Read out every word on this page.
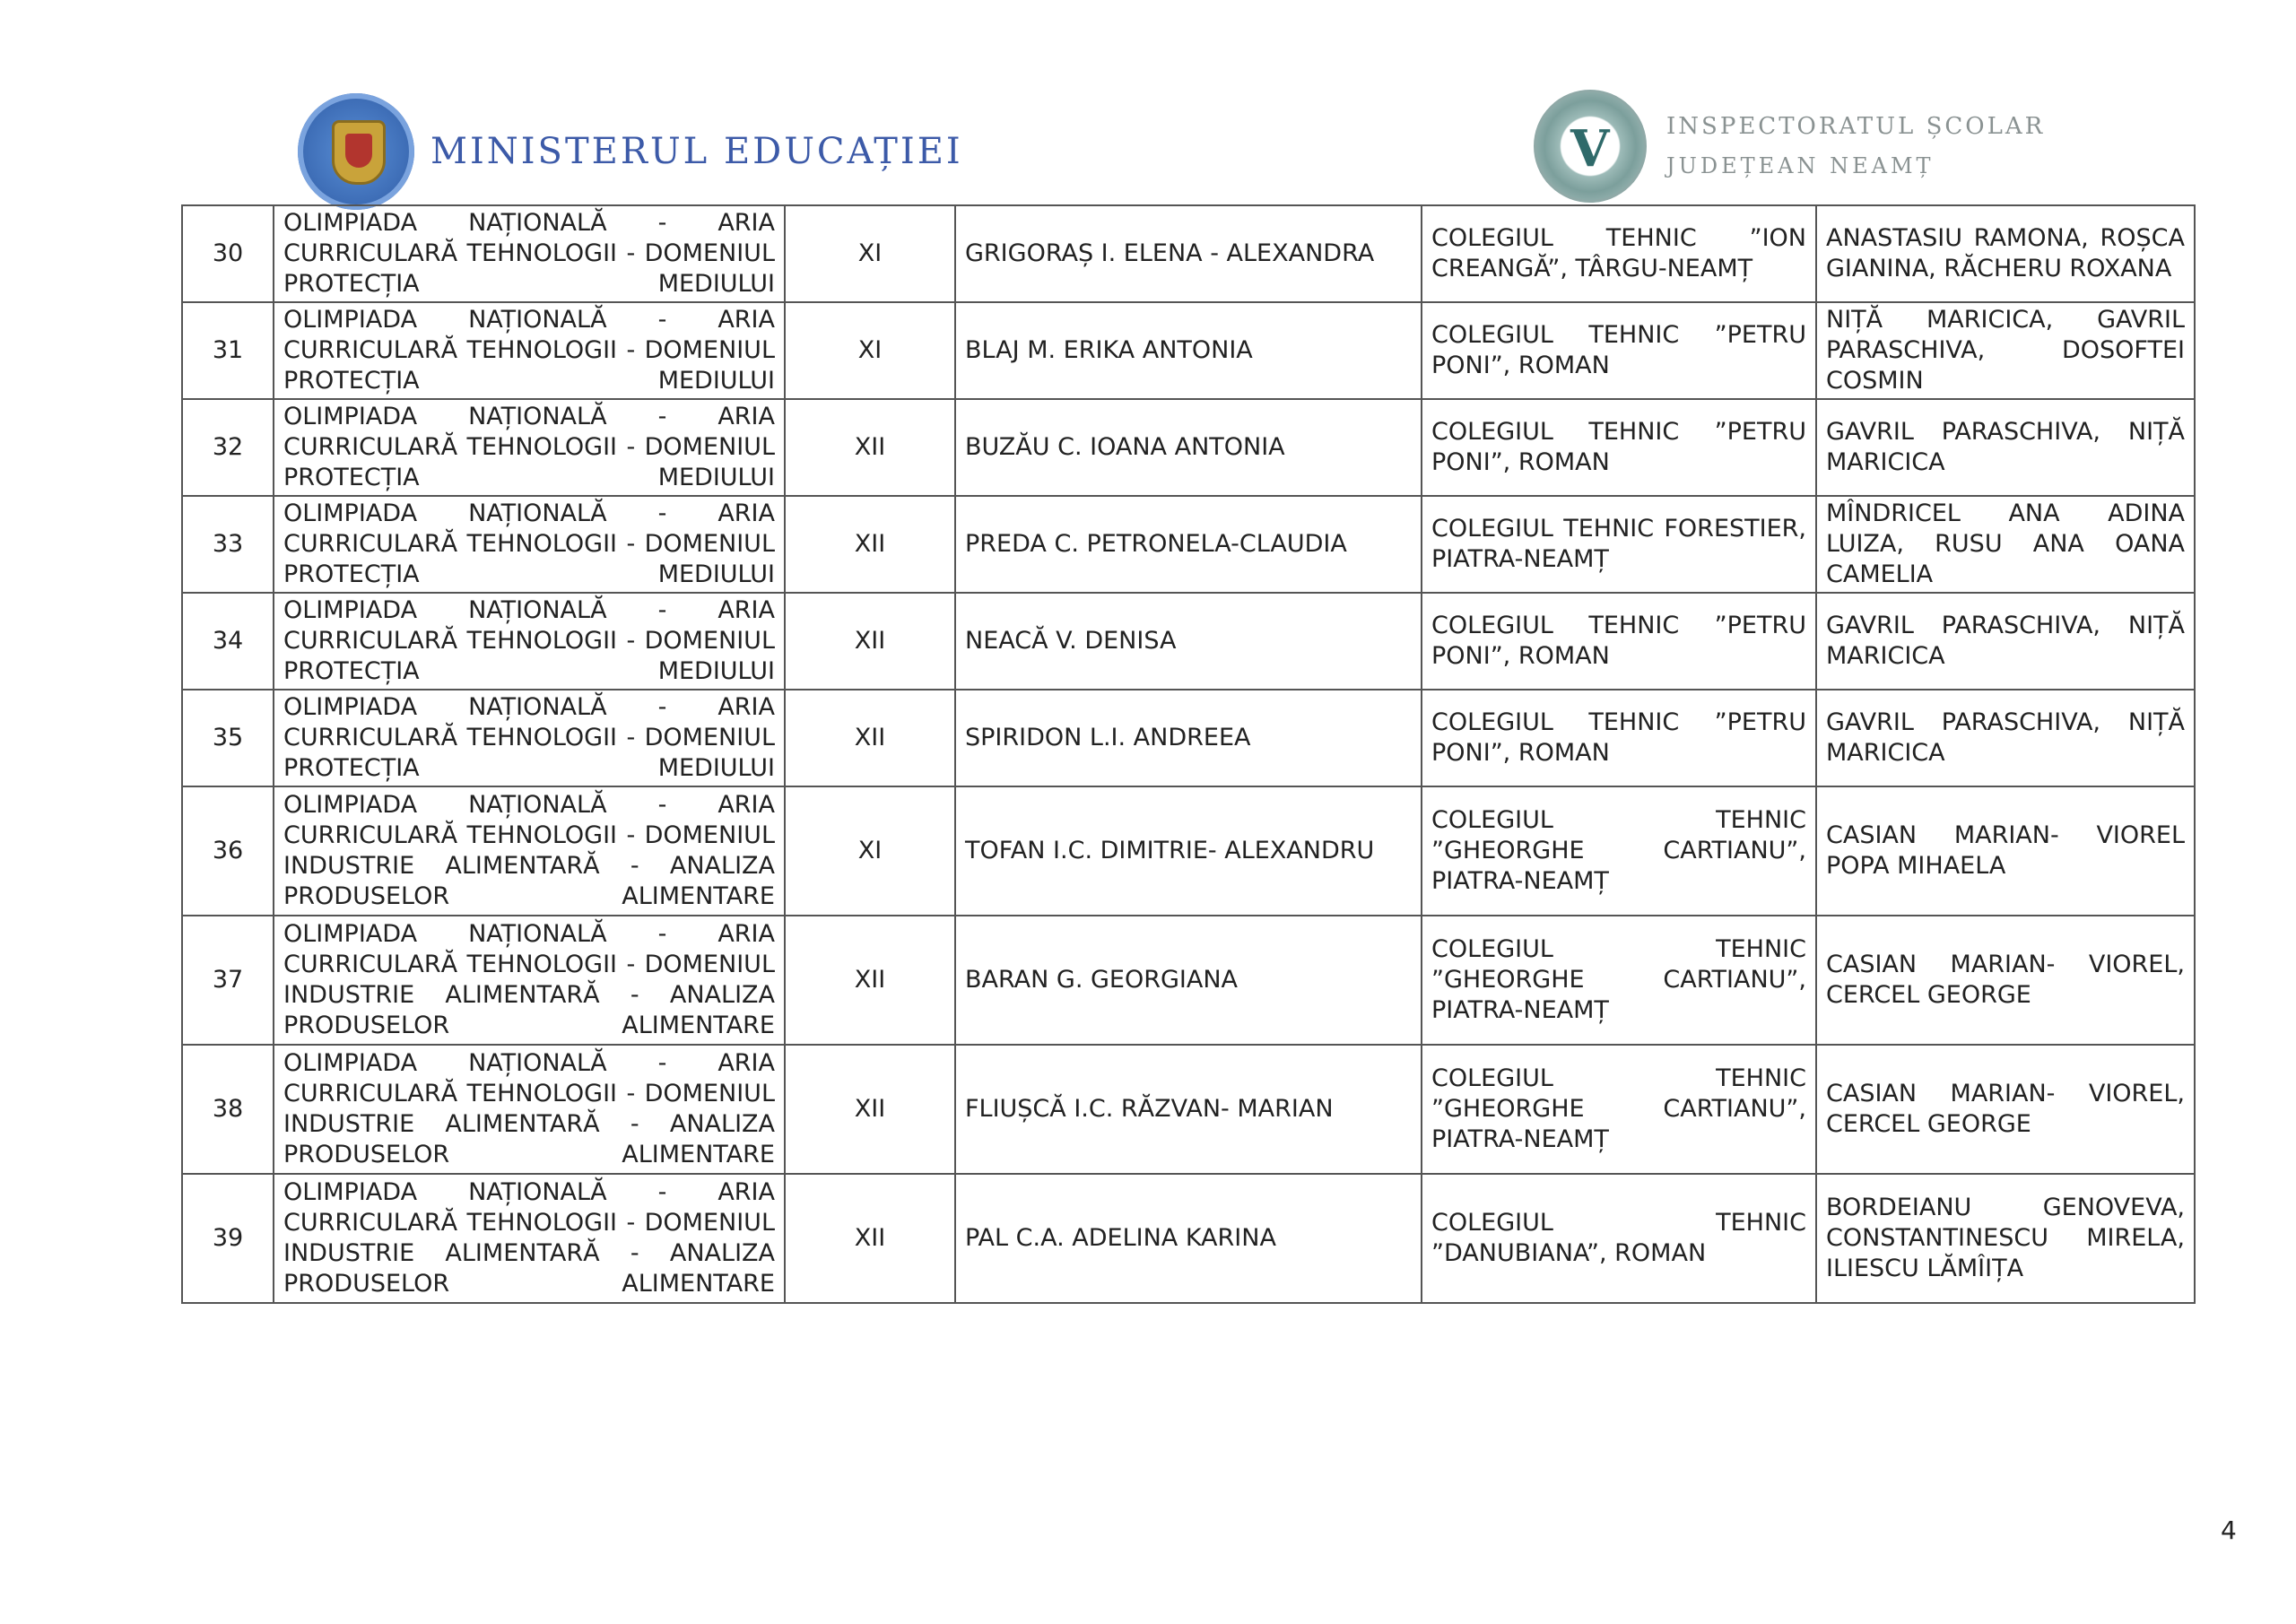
MINISTERUL EDUCAȚIEI	V INSPECTORATUL ȘCOLAR
JUDEȚEAN NEAMȚ
30	OLIMPIADA NAȚIONALĂ - ARIA CURRICULARĂ TEHNOLOGII - DOMENIUL PROTECȚIA MEDIULUI	XI	GRIGORAȘ I. ELENA - ALEXANDRA	COLEGIUL TEHNIC ”ION CREANGĂ”, TÂRGU-NEAMȚ	ANASTASIU RAMONA, ROȘCA GIANINA, RĂCHERU ROXANA
31	OLIMPIADA NAȚIONALĂ - ARIA CURRICULARĂ TEHNOLOGII - DOMENIUL PROTECȚIA MEDIULUI	XI	BLAJ M. ERIKA ANTONIA	COLEGIUL TEHNIC ”PETRU PONI”, ROMAN	NIȚĂ MARICICA, GAVRIL PARASCHIVA, DOSOFTEI COSMIN
32	OLIMPIADA NAȚIONALĂ - ARIA CURRICULARĂ TEHNOLOGII - DOMENIUL PROTECȚIA MEDIULUI	XII	BUZĂU C. IOANA ANTONIA	COLEGIUL TEHNIC ”PETRU PONI”, ROMAN	GAVRIL PARASCHIVA, NIȚĂ MARICICA
33	OLIMPIADA NAȚIONALĂ - ARIA CURRICULARĂ TEHNOLOGII - DOMENIUL PROTECȚIA MEDIULUI	XII	PREDA C. PETRONELA-CLAUDIA	COLEGIUL TEHNIC FORESTIER, PIATRA-NEAMȚ	MÎNDRICEL ANA ADINA LUIZA, RUSU ANA OANA CAMELIA
34	OLIMPIADA NAȚIONALĂ - ARIA CURRICULARĂ TEHNOLOGII - DOMENIUL PROTECȚIA MEDIULUI	XII	NEACĂ V. DENISA	COLEGIUL TEHNIC ”PETRU PONI”, ROMAN	GAVRIL PARASCHIVA, NIȚĂ MARICICA
35	OLIMPIADA NAȚIONALĂ - ARIA CURRICULARĂ TEHNOLOGII - DOMENIUL PROTECȚIA MEDIULUI	XII	SPIRIDON L.I. ANDREEA	COLEGIUL TEHNIC ”PETRU PONI”, ROMAN	GAVRIL PARASCHIVA, NIȚĂ MARICICA
36	OLIMPIADA NAȚIONALĂ - ARIA CURRICULARĂ TEHNOLOGII - DOMENIUL INDUSTRIE ALIMENTARĂ - ANALIZA PRODUSELOR ALIMENTARE	XI	TOFAN I.C. DIMITRIE- ALEXANDRU	COLEGIUL TEHNIC ”GHEORGHE CARTIANU”, PIATRA-NEAMȚ	CASIAN MARIAN- VIOREL POPA MIHAELA
37	OLIMPIADA NAȚIONALĂ - ARIA CURRICULARĂ TEHNOLOGII - DOMENIUL INDUSTRIE ALIMENTARĂ - ANALIZA PRODUSELOR ALIMENTARE	XII	BARAN G. GEORGIANA	COLEGIUL TEHNIC ”GHEORGHE CARTIANU”, PIATRA-NEAMȚ	CASIAN MARIAN- VIOREL, CERCEL GEORGE
38	OLIMPIADA NAȚIONALĂ - ARIA CURRICULARĂ TEHNOLOGII - DOMENIUL INDUSTRIE ALIMENTARĂ - ANALIZA PRODUSELOR ALIMENTARE	XII	FLIUȘCĂ I.C. RĂZVAN- MARIAN	COLEGIUL TEHNIC ”GHEORGHE CARTIANU”, PIATRA-NEAMȚ	CASIAN MARIAN- VIOREL, CERCEL GEORGE
39	OLIMPIADA NAȚIONALĂ - ARIA CURRICULARĂ TEHNOLOGII - DOMENIUL INDUSTRIE ALIMENTARĂ - ANALIZA PRODUSELOR ALIMENTARE	XII	PAL C.A. ADELINA KARINA	COLEGIUL TEHNIC ”DANUBIANA”, ROMAN	BORDEIANU GENOVEVA, CONSTANTINESCU MIRELA, ILIESCU LĂMÎIȚA
4
